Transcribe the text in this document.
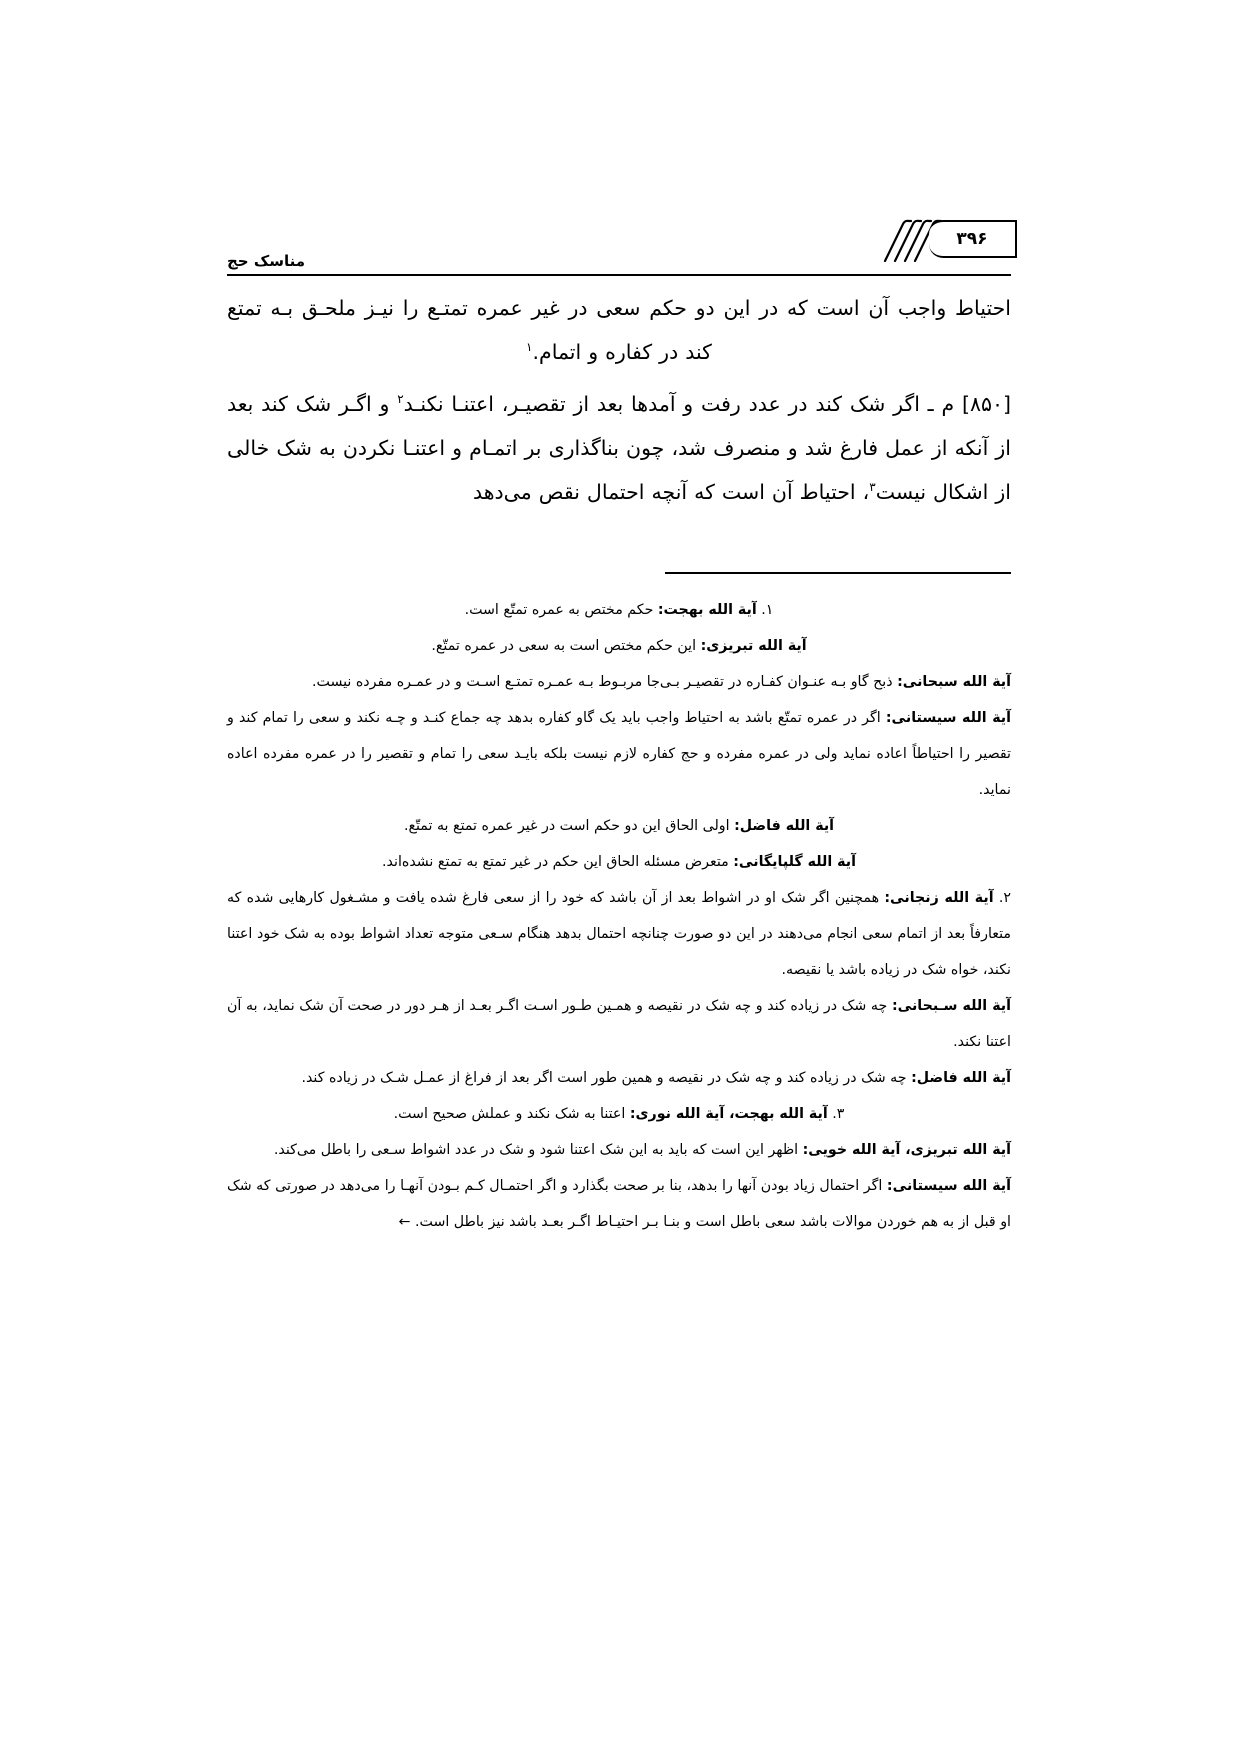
مناسک حج
۳۹۶

احتیاط واجب آن است که در این دو حکم سعی در غیر عمره تمتـع را نیـز ملحـق بـه تمتع کند در کفاره و اتمام.$^۱$

[۸۵۰] م ـ اگر شک کند در عدد رفت و آمدها بعد از تقصیـر، اعتنـا نکنـد$^۲$ و اگـر شک کند بعد از آنکه از عمل فارغ شد و منصرف شد، چون بناگذاری بر اتمـام و اعتنـا نکردن به شک خالی از اشکال نیست$^۳$، احتیاط آن است که آنچه احتمال نقص می‌دهد

۱. آیة الله بهجت: حکم مختص به عمره تمتّع است.

آیة الله تبریزی: این حکم مختص است به سعی در عمره تمتّع.

آیة الله سبحانی: ذبح گاو بـه عنـوان کفـاره در تقصیـر بـی‌جا مربـوط بـه عمـره تمتـع اسـت و در عمـره مفرده نیست.

آیة الله سیستانی: اگر در عمره تمتّع باشد به احتیاط واجب باید یک گاو کفاره بدهد چه جماع کنـد و چـه نکند و سعی را تمام کند و تقصیر را احتیاطاً اعاده نماید ولی در عمره مفرده و حج کفاره لازم نیست بلکه بایـد سعی را تمام و تقصیر را در عمره مفرده اعاده نماید.

آیة الله فاضل: اولی الحاق این دو حکم است در غیر عمره تمتع به تمتّع.

آیة الله گلپایگانی: متعرض مسئله الحاق این حکم در غیر تمتع به تمتع نشده‌اند.

۲. آیة الله زنجانی: همچنین اگر شک او در اشواط بعد از آن باشد که خود را از سعی فارغ شده یافت و مشـغول کارهایی شده که متعارفاً بعد از اتمام سعی انجام می‌دهند در این دو صورت چنانچه احتمال بدهد هنگام سـعی متوجه تعداد اشواط بوده به شک خود اعتنا نکند، خواه شک در زیاده باشد یا نقیصه.

آیة الله سـبحانی: چه شک در زیاده کند و چه شک در نقیصه و همـین طـور اسـت اگـر بعـد از هـر دور در صحت آن شک نماید، به آن اعتنا نکند.

آیة الله فاضل: چه شک در زیاده کند و چه شک در نقیصه و همین طور است اگر بعد از فراغ از عمـل شـک در زیاده کند.

۳. آیة الله بهجت، آیة الله نوری: اعتنا به شک نکند و عملش صحیح است.

آیة الله تبریزی، آیة الله خویی: اظهر این است که باید به این شک اعتنا شود و شک در عدد اشواط سـعی را باطل می‌کند.

آیة الله سیستانی: اگر احتمال زیاد بودن آنها را بدهد، بنا بر صحت بگذارد و اگر احتمـال کـم بـودن آنهـا را می‌دهد در صورتی که شک او قبل از به هم خوردن موالات باشد سعی باطل است و بنـا بـر احتیـاط اگـر بعـد باشد نیز باطل است. ←
